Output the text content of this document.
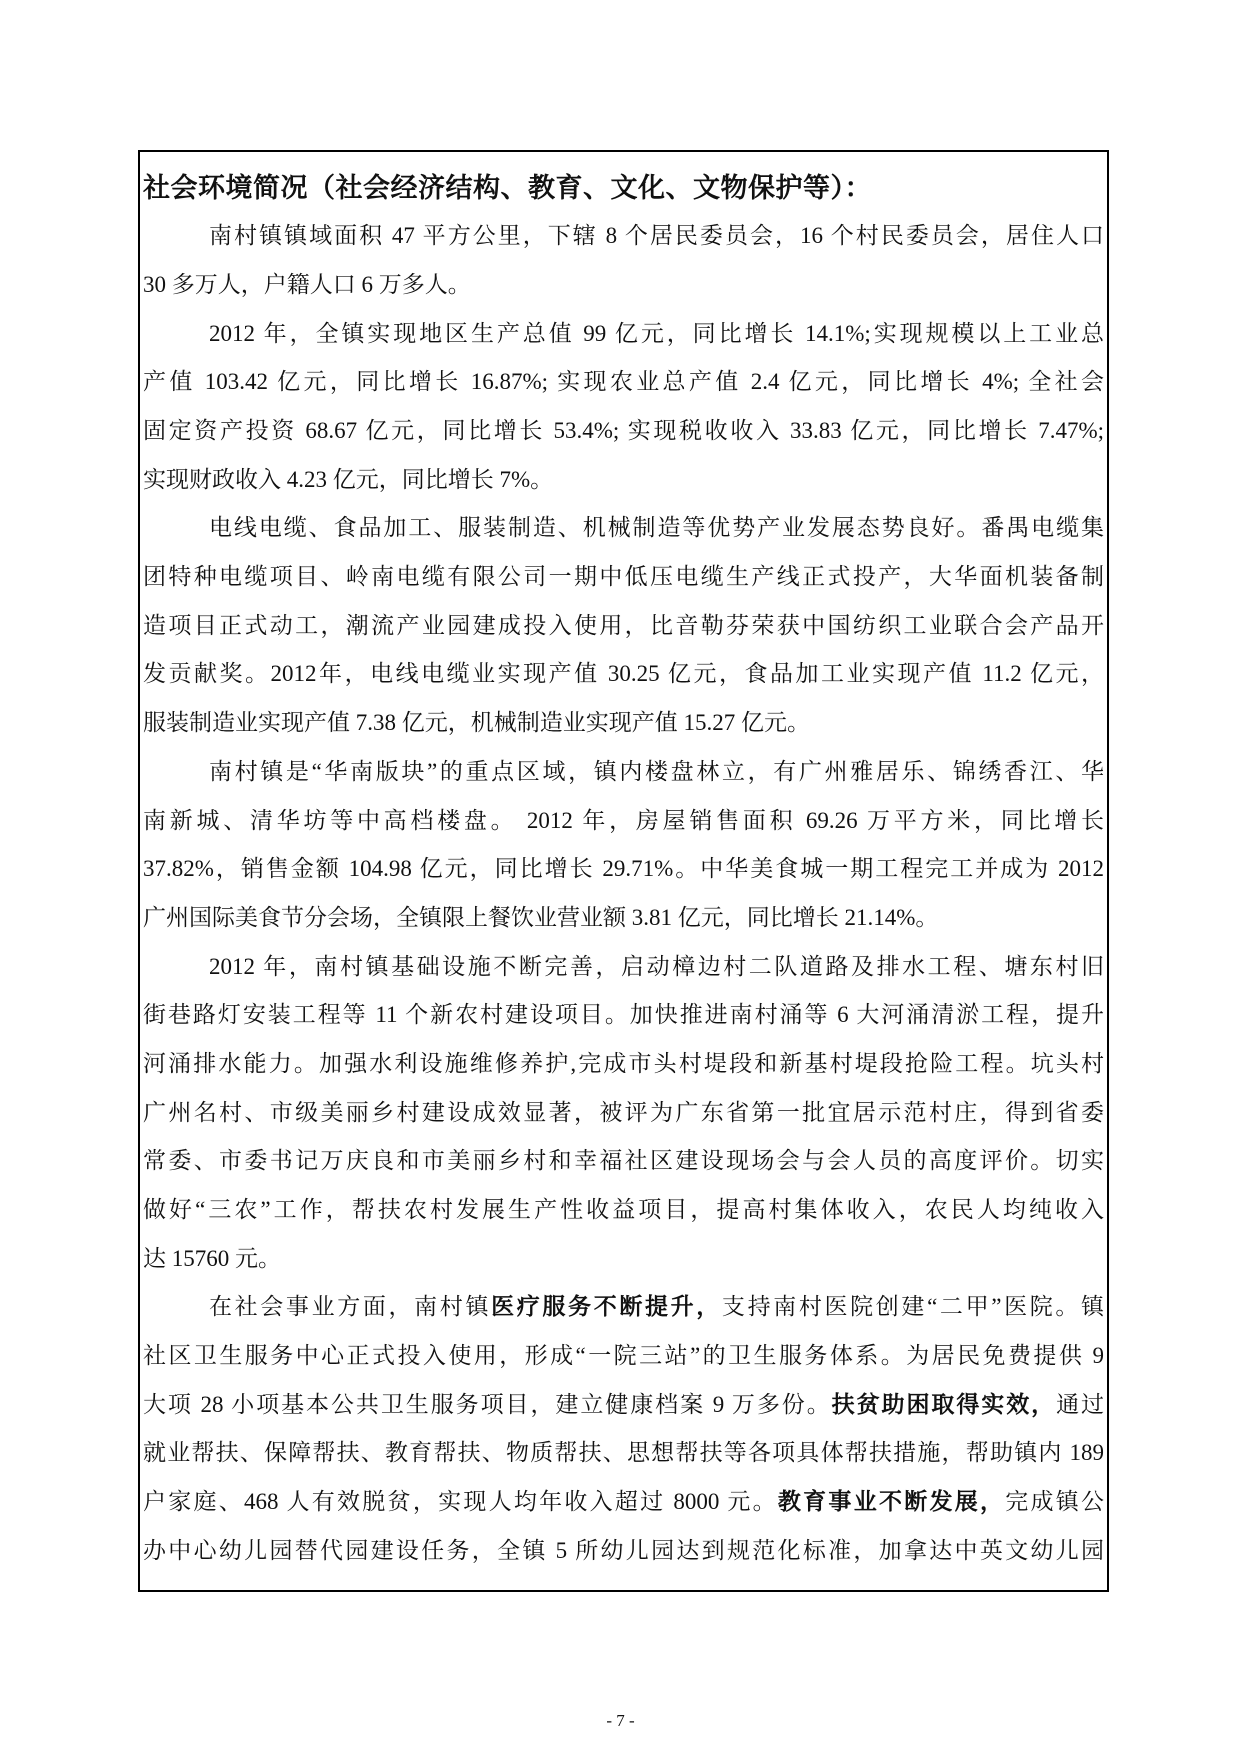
社会环境简况（社会经济结构、教育、文化、文物保护等）：
南村镇镇域面积 47 平方公里，下辖 8 个居民委员会，16 个村民委员会，居住人口
30 多万人，户籍人口 6 万多人。
2012 年，全镇实现地区生产总值 99 亿元，同比增长 14.1%;实现规模以上工业总
产值 103.42 亿元，同比增长 16.87%; 实现农业总产值 2.4 亿元，同比增长 4%; 全社会
固定资产投资 68.67 亿元，同比增长 53.4%; 实现税收收入 33.83 亿元，同比增长 7.47%;
实现财政收入 4.23 亿元，同比增长 7%。
电线电缆、食品加工、服装制造、机械制造等优势产业发展态势良好。番禺电缆集
团特种电缆项目、岭南电缆有限公司一期中低压电缆生产线正式投产，大华面机装备制
造项目正式动工，潮流产业园建成投入使用，比音勒芬荣获中国纺织工业联合会产品开
发贡献奖。2012年，电线电缆业实现产值 30.25 亿元，食品加工业实现产值 11.2 亿元，
服装制造业实现产值 7.38 亿元，机械制造业实现产值 15.27 亿元。
南村镇是“华南版块”的重点区域，镇内楼盘林立，有广州雅居乐、锦绣香江、华
南新城、清华坊等中高档楼盘。 2012 年，房屋销售面积 69.26 万平方米，同比增长
37.82%，销售金额 104.98 亿元，同比增长 29.71%。中华美食城一期工程完工并成为 2012
广州国际美食节分会场，全镇限上餐饮业营业额 3.81 亿元，同比增长 21.14%。
2012 年，南村镇基础设施不断完善，启动樟边村二队道路及排水工程、塘东村旧
街巷路灯安装工程等 11 个新农村建设项目。加快推进南村涌等 6 大河涌清淤工程，提升
河涌排水能力。加强水利设施维修养护,完成市头村堤段和新基村堤段抢险工程。坑头村
广州名村、市级美丽乡村建设成效显著，被评为广东省第一批宜居示范村庄，得到省委
常委、市委书记万庆良和市美丽乡村和幸福社区建设现场会与会人员的高度评价。切实
做好“三农”工作，帮扶农村发展生产性收益项目，提高村集体收入，农民人均纯收入
达 15760 元。
在社会事业方面，南村镇医疗服务不断提升，支持南村医院创建“二甲”医院。镇
社区卫生服务中心正式投入使用，形成“一院三站”的卫生服务体系。为居民免费提供 9
大项 28 小项基本公共卫生服务项目，建立健康档案 9 万多份。扶贫助困取得实效，通过
就业帮扶、保障帮扶、教育帮扶、物质帮扶、思想帮扶等各项具体帮扶措施，帮助镇内 189
户家庭、468 人有效脱贫，实现人均年收入超过 8000 元。教育事业不断发展，完成镇公
办中心幼儿园替代园建设任务，全镇 5 所幼儿园达到规范化标准，加拿达中英文幼儿园
- 7 -
